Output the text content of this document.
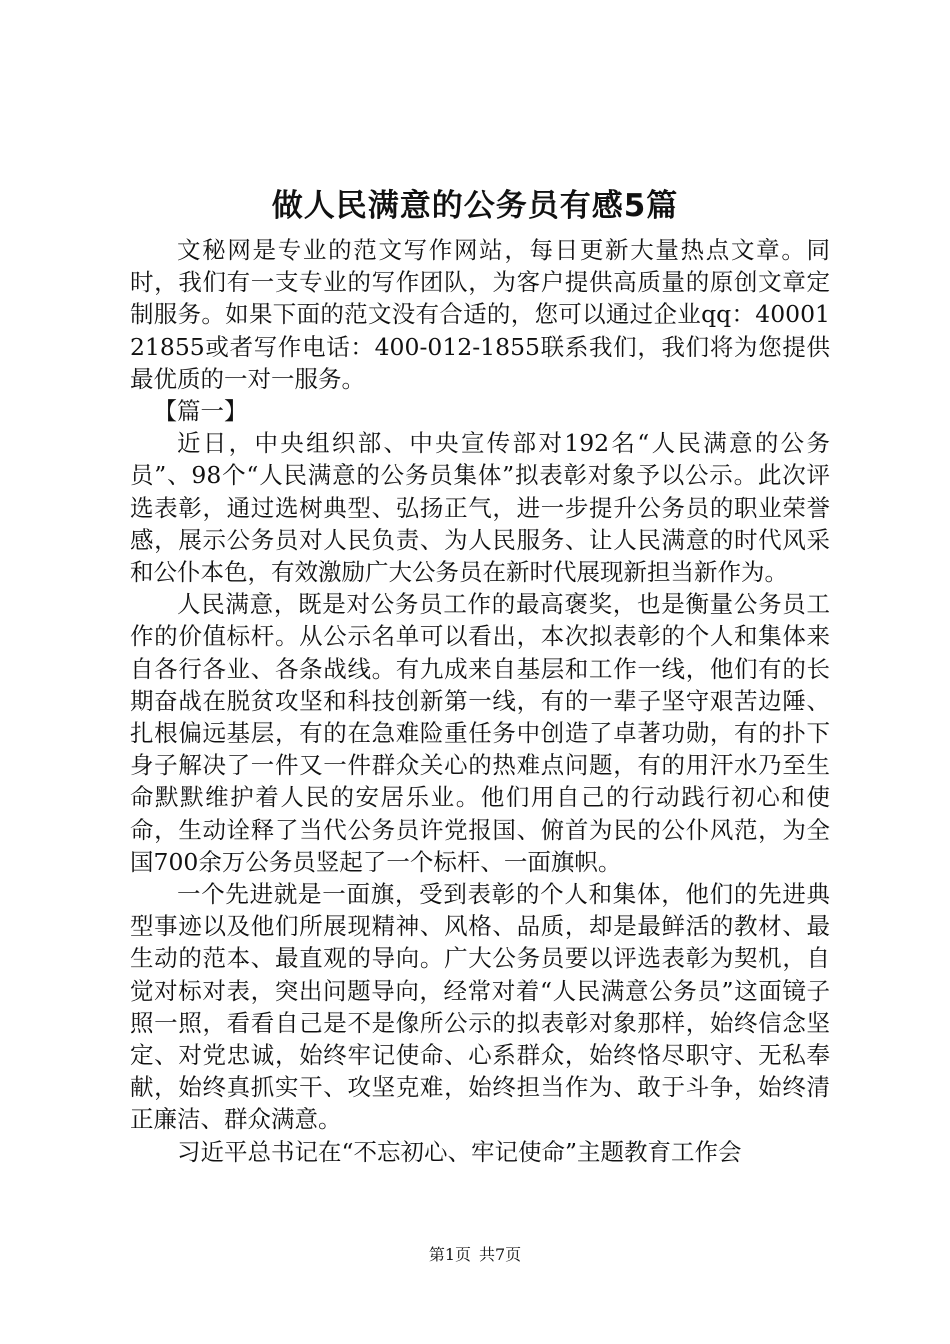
做人民满意的公务员有感5篇

文秘网是专业的范文写作网站，每日更新大量热点文章。同时，我们有一支专业的写作团队，为客户提供高质量的原创文章定制服务。如果下面的范文没有合适的，您可以通过企业qq：4000121855或者写作电话：400-012-1855联系我们，我们将为您提供最优质的一对一服务。

【篇一】

近日，中央组织部、中央宣传部对192名“人民满意的公务员”、98个“人民满意的公务员集体”拟表彰对象予以公示。此次评选表彰，通过选树典型、弘扬正气，进一步提升公务员的职业荣誉感，展示公务员对人民负责、为人民服务、让人民满意的时代风采和公仆本色，有效激励广大公务员在新时代展现新担当新作为。

人民满意，既是对公务员工作的最高褒奖，也是衡量公务员工作的价值标杆。从公示名单可以看出，本次拟表彰的个人和集体来自各行各业、各条战线。有九成来自基层和工作一线，他们有的长期奋战在脱贫攻坚和科技创新第一线，有的一辈子坚守艰苦边陲、扎根偏远基层，有的在急难险重任务中创造了卓著功勋，有的扑下身子解决了一件又一件群众关心的热难点问题，有的用汗水乃至生命默默维护着人民的安居乐业。他们用自己的行动践行初心和使命，生动诠释了当代公务员许党报国、俯首为民的公仆风范，为全国700余万公务员竖起了一个标杆、一面旗帜。

一个先进就是一面旗，受到表彰的个人和集体，他们的先进典型事迹以及他们所展现精神、风格、品质，却是最鲜活的教材、最生动的范本、最直观的导向。广大公务员要以评选表彰为契机，自觉对标对表，突出问题导向，经常对着“人民满意公务员”这面镜子照一照，看看自己是不是像所公示的拟表彰对象那样，始终信念坚定、对党忠诚，始终牢记使命、心系群众，始终恪尽职守、无私奉献，始终真抓实干、攻坚克难，始终担当作为、敢于斗争，始终清正廉洁、群众满意。

习近平总书记在“不忘初心、牢记使命”主题教育工作会

第1页 共7页
